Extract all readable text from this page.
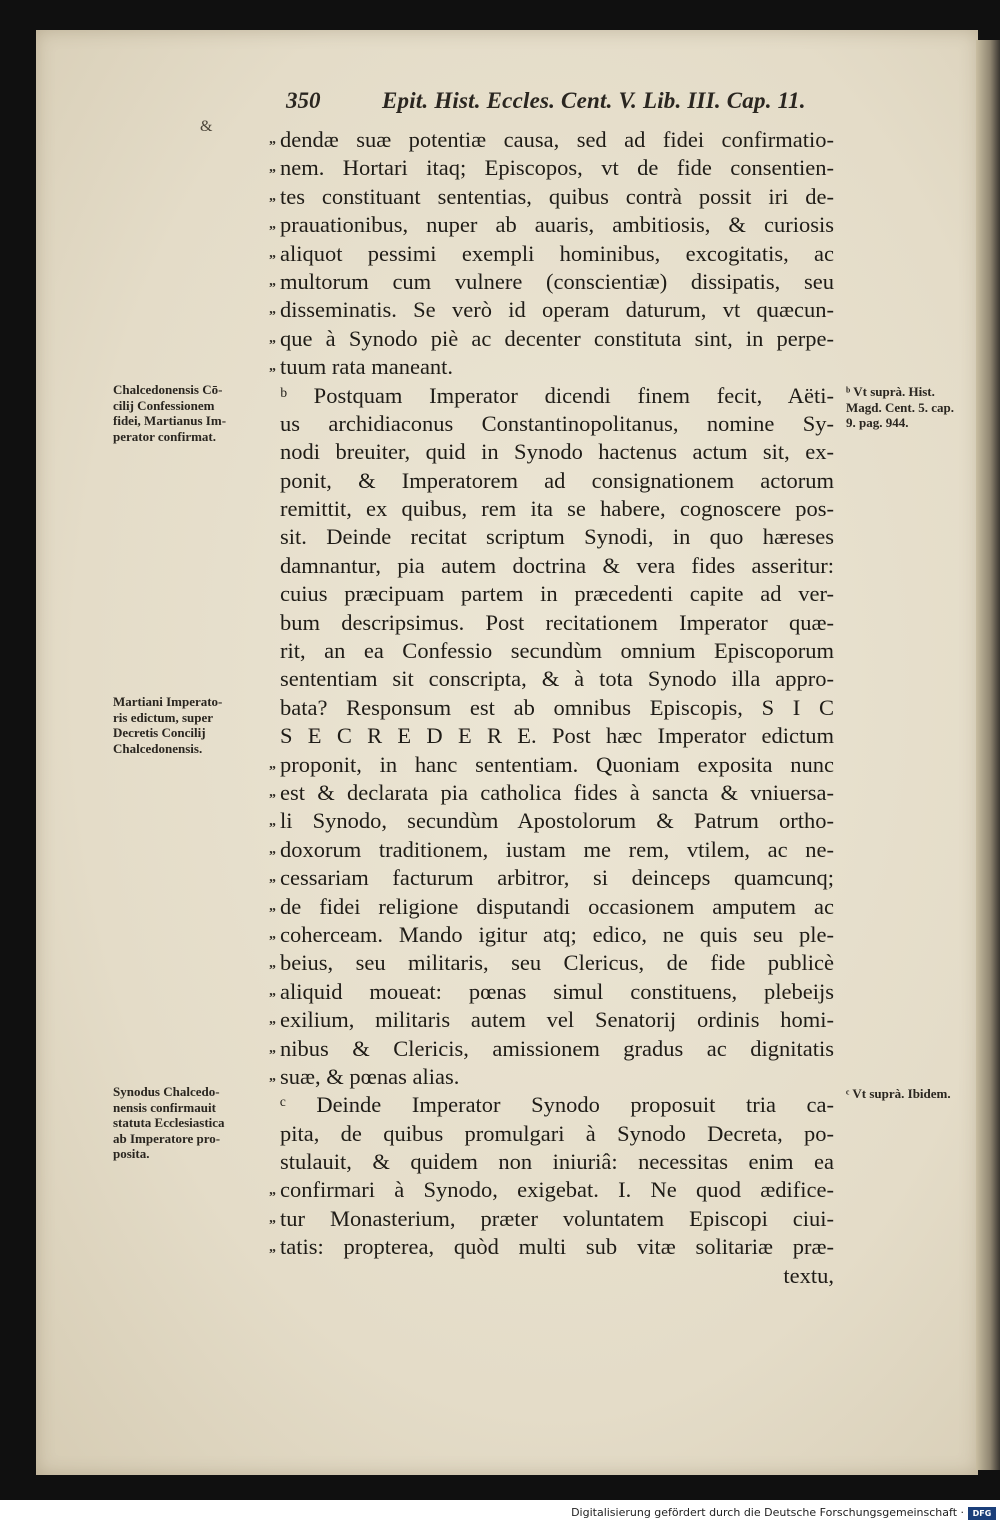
350	Epit. Hist. Eccles. Cent. V. Lib. III. Cap. 11.
&
dendæ suæ potentiæ causa, sed ad fidei confirmatio-
nem. Hortari itaq; Episcopos, vt de fide consentien-
tes constituant sententias, quibus contrà possit iri de-
prauationibus, nuper ab auaris, ambitiosis, & curiosis
aliquot pessimi exempli hominibus, excogitatis, ac
multorum cum vulnere (conscientiæ) dissipatis, seu
disseminatis. Se verò id operam daturum, vt quæcun-
que à Synodo piè ac decenter constituta sint, in perpe-
tuum rata maneant.
ᵇ Postquam Imperator dicendi finem fecit, Aëti-
us archidiaconus Constantinopolitanus, nomine Sy-
nodi breuiter, quid in Synodo hactenus actum sit, ex-
ponit, & Imperatorem ad consignationem actorum
remittit, ex quibus, rem ita se habere, cognoscere pos-
sit. Deinde recitat scriptum Synodi, in quo hæreses
damnantur, pia autem doctrina & vera fides asseritur:
cuius præcipuam partem in præcedenti capite ad ver-
bum descripsimus. Post recitationem Imperator quæ-
rit, an ea Confessio secundùm omnium Episcoporum
sententiam sit conscripta, & à tota Synodo illa appro-
bata? Responsum est ab omnibus Episcopis, S I C
S E C R E D E R E. Post hæc Imperator edictum
proponit, in hanc sententiam. Quoniam exposita nunc
est & declarata pia catholica fides à sancta & vniuersa-
li Synodo, secundùm Apostolorum & Patrum ortho-
doxorum traditionem, iustam me rem, vtilem, ac ne-
cessariam facturum arbitror, si deinceps quamcunq;
de fidei religione disputandi occasionem amputem ac
coherceam. Mando igitur atq; edico, ne quis seu ple-
beius, seu militaris, seu Clericus, de fide publicè
aliquid moueat: pœnas simul constituens, plebeijs
exilium, militaris autem vel Senatorij ordinis homi-
nibus & Clericis, amissionem gradus ac dignitatis
suæ, & pœnas alias.
ᶜ Deinde Imperator Synodo proposuit tria ca-
pita, de quibus promulgari à Synodo Decreta, po-
stulauit, & quidem non iniuriâ: necessitas enim ea
confirmari à Synodo, exigebat. I. Ne quod ædifice-
tur Monasterium, præter voluntatem Episcopi ciui-
tatis: propterea, quòd multi sub vitæ solitariæ præ-
textu,
Chalcedonensis Cō-
cilij Confessionem
fidei, Martianus Im-
perator confirmat.
Martiani Imperato-
ris edictum, super
Decretis Concilij
Chalcedonensis.
Synodus Chalcedo-
nensis confirmauit
statuta Ecclesiastica
ab Imperatore pro-
posita.
ᵇ Vt suprà. Hist.
Magd. Cent. 5. cap.
9. pag. 944.
ᶜ Vt suprà. Ibidem.
Digitalisierung gefördert durch die Deutsche Forschungsgemeinschaft ·	DFG
„
„
„
„
„
„
„
„
„
„
„
„
„
„
„
„
„
„
„
„
„
„
„
„
